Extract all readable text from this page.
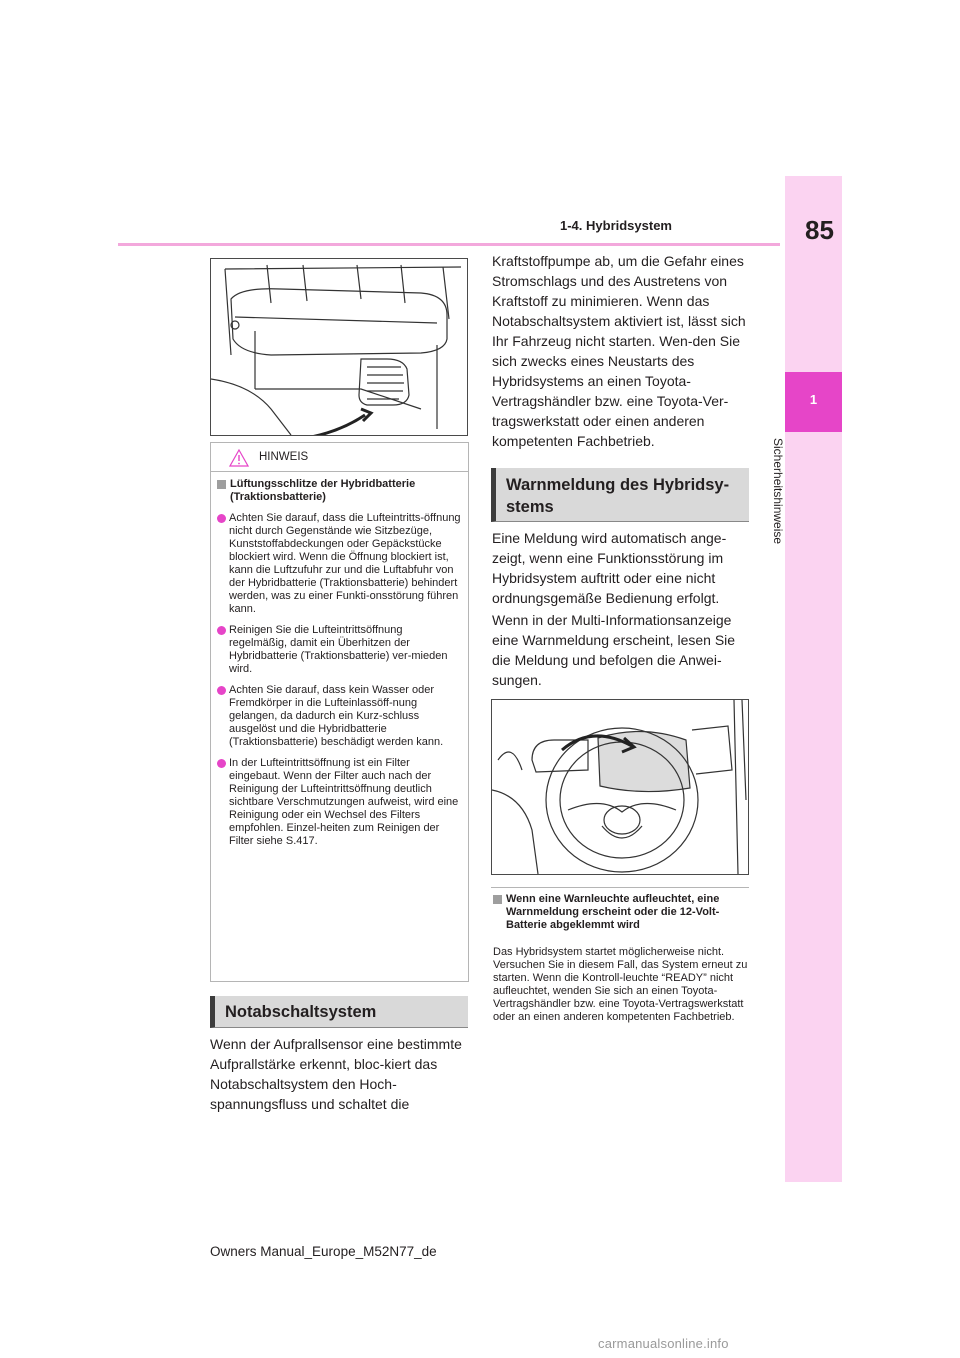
1
Sicherheitshinweise
1-4. Hybridsystem	85
HINWEIS
Lüftungsschlitze der Hybridbatterie (Traktionsbatterie)
Achten Sie darauf, dass die Lufteintritts-öffnung nicht durch Gegenstände wie Sitzbezüge, Kunststoffabdeckungen oder Gepäckstücke blockiert wird. Wenn die Öffnung blockiert ist, kann die Luftzufuhr zur und die Luftabfuhr von der Hybridbatterie (Traktionsbatterie) behindert werden, was zu einer Funkti-onsstörung führen kann.
Reinigen Sie die Lufteintrittsöffnung regelmäßig, damit ein Überhitzen der Hybridbatterie (Traktionsbatterie) ver-mieden wird.
Achten Sie darauf, dass kein Wasser oder Fremdkörper in die Lufteinlassöff-nung gelangen, da dadurch ein Kurz-schluss ausgelöst und die Hybridbatterie (Traktionsbatterie) beschädigt werden kann.
In der Lufteintrittsöffnung ist ein Filter eingebaut. Wenn der Filter auch nach der Reinigung der Lufteintrittsöffnung deutlich sichtbare Verschmutzungen aufweist, wird eine Reinigung oder ein Wechsel des Filters empfohlen. Einzel-heiten zum Reinigen der Filter siehe S.417.
Notabschaltsystem
Wenn der Aufprallsensor eine bestimmte Aufprallstärke erkennt, bloc-kiert das Notabschaltsystem den Hoch-spannungsfluss und schaltet die
Kraftstoffpumpe ab, um die Gefahr eines Stromschlags und des Austretens von Kraftstoff zu minimieren. Wenn das Notabschaltsystem aktiviert ist, lässt sich Ihr Fahrzeug nicht starten. Wen-den Sie sich zwecks eines Neustarts des Hybridsystems an einen Toyota-Vertragshändler bzw. eine Toyota-Ver-tragswerkstatt oder einen anderen kompetenten Fachbetrieb.
Warnmeldung des Hybridsy-stems
Eine Meldung wird automatisch ange-zeigt, wenn eine Funktionsstörung im Hybridsystem auftritt oder eine nicht ordnungsgemäße Bedienung erfolgt.
Wenn in der Multi-Informationsanzeige eine Warnmeldung erscheint, lesen Sie die Meldung und befolgen die Anwei-sungen.
Wenn eine Warnleuchte aufleuchtet, eine Warnmeldung erscheint oder die 12-Volt-Batterie abgeklemmt wird
Das Hybridsystem startet möglicherweise nicht. Versuchen Sie in diesem Fall, das System erneut zu starten. Wenn die Kontroll-leuchte “READY” nicht aufleuchtet, wenden Sie sich an einen Toyota-Vertragshändler bzw. eine Toyota-Vertragswerkstatt oder an einen anderen kompetenten Fachbetrieb.
Owners Manual_Europe_M52N77_de
carmanualsonline.info
